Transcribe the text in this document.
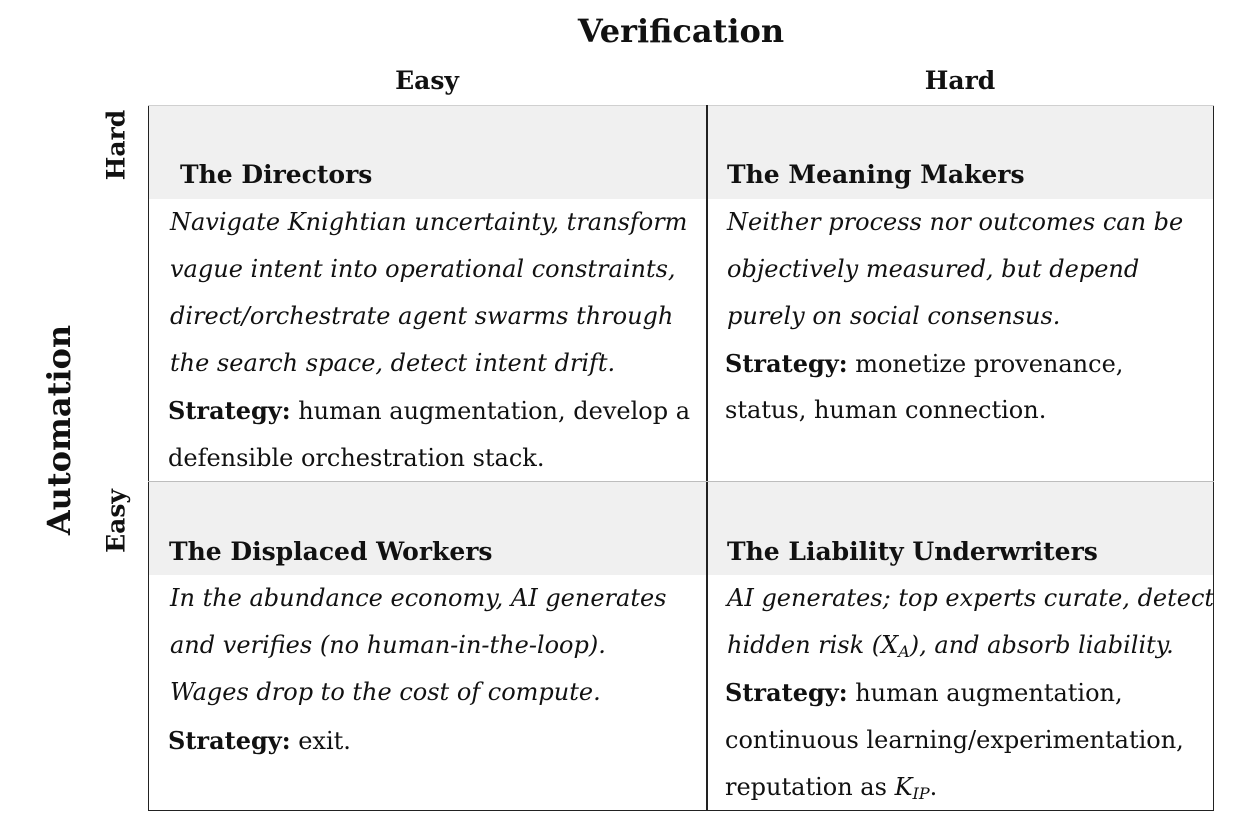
Verification
Easy	Hard
Automation
Hard
Easy
The Directors
Navigate Knightian uncertainty, transform
vague intent into operational constraints,
direct/orchestrate agent swarms through
the search space, detect intent drift.
Strategy: human augmentation, develop a
defensible orchestration stack.
The Meaning Makers
Neither process nor outcomes can be
objectively measured, but depend
purely on social consensus.
Strategy: monetize provenance,
status, human connection.
The Displaced Workers
In the abundance economy, AI generates
and verifies (no human-in-the-loop).
Wages drop to the cost of compute.
Strategy: exit.
The Liability Underwriters
AI generates; top experts curate, detect
hidden risk $(X_A)$, and absorb liability.
Strategy: human augmentation,
continuous learning/experimentation,
reputation as $K_{IP}$.
